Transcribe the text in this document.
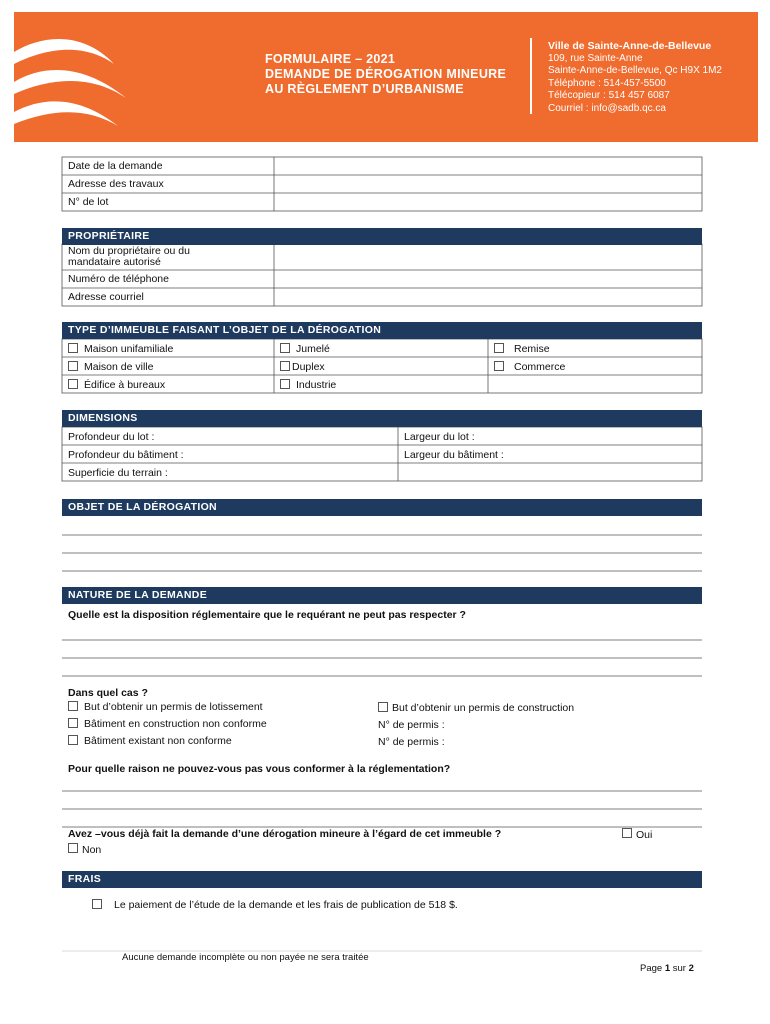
FORMULAIRE – 2021
DEMANDE DE DÉROGATION MINEURE
AU RÈGLEMENT D’URBANISME
Ville de Sainte-Anne-de-Bellevue
109, rue Sainte-Anne
Sainte-Anne-de-Bellevue, Qc H9X 1M2
Téléphone : 514-457-5500
Télécopieur : 514 457 6087
Courriel : info@sadb.qc.ca
Date de la demande
Adresse des travaux
N° de lot
PROPRIÉTAIRE
Nom du propriétaire ou du
mandataire autorisé
Numéro de téléphone
Adresse courriel
TYPE D’IMMEUBLE FAISANT L’OBJET DE LA DÉROGATION
Maison unifamiliale	Jumelé	Remise
Maison de ville	Duplex	Commerce
Édifice à bureaux	Industrie
DIMENSIONS
Profondeur du lot :	Largeur du lot :
Profondeur du bâtiment :	Largeur du bâtiment :
Superficie du terrain :
OBJET DE LA DÉROGATION
NATURE DE LA DEMANDE
Quelle est la disposition réglementaire que le requérant ne peut pas respecter ?
Dans quel cas ?
But d’obtenir un permis de lotissement
Bâtiment en construction non conforme
Bâtiment existant non conforme
But d’obtenir un permis de construction
N° de permis :
N° de permis :
Pour quelle raison ne pouvez-vous pas vous conformer à la réglementation?
Avez –vous déjà fait la demande d’une dérogation mineure à l’égard de cet immeuble ?	Oui
Non
FRAIS
Le paiement de l’étude de la demande et les frais de publication de 518 $.
Aucune demande incomplète ou non payée ne sera traitée
Page 1 sur 2
